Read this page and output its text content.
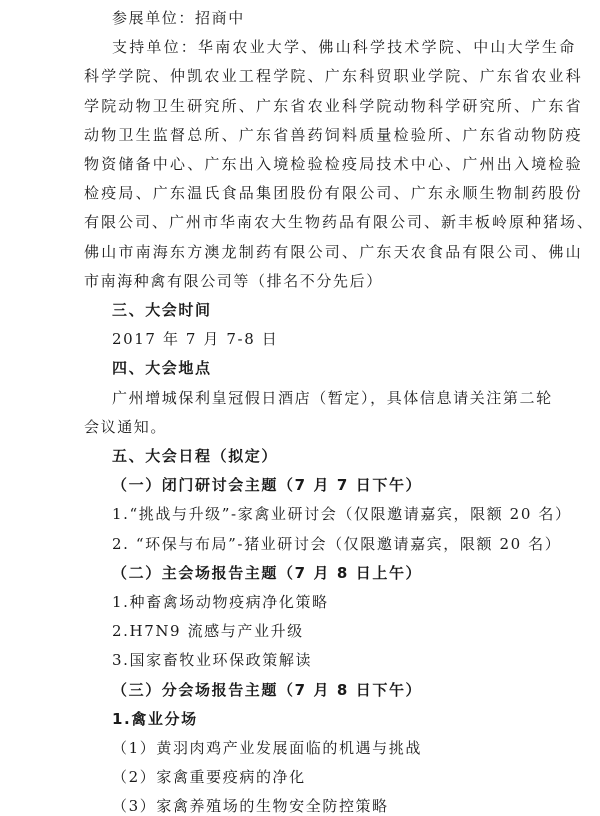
参展单位：招商中
支持单位：华南农业大学、佛山科学技术学院、中山大学生命
科学学院、仲凯农业工程学院、广东科贸职业学院、广东省农业科
学院动物卫生研究所、广东省农业科学院动物科学研究所、广东省
动物卫生监督总所、广东省兽药饲料质量检验所、广东省动物防疫
物资储备中心、广东出入境检验检疫局技术中心、广州出入境检验
检疫局、广东温氏食品集团股份有限公司、广东永顺生物制药股份
有限公司、广州市华南农大生物药品有限公司、新丰板岭原种猪场、
佛山市南海东方澳龙制药有限公司、广东天农食品有限公司、佛山
市南海种禽有限公司等（排名不分先后）
三、大会时间
2017 年 7 月 7-8 日
四、大会地点
广州增城保利皇冠假日酒店（暂定），具体信息请关注第二轮
会议通知。
五、大会日程（拟定）
（一）闭门研讨会主题（7 月 7 日下午）
1.“挑战与升级”-家禽业研讨会（仅限邀请嘉宾，限额 20 名）
2. “环保与布局”-猪业研讨会（仅限邀请嘉宾，限额 20 名）
（二）主会场报告主题（7 月 8 日上午）
1.种畜禽场动物疫病净化策略
2.H7N9 流感与产业升级
3.国家畜牧业环保政策解读
（三）分会场报告主题（7 月 8 日下午）
1.禽业分场
（1）黄羽肉鸡产业发展面临的机遇与挑战
（2）家禽重要疫病的净化
（3）家禽养殖场的生物安全防控策略
